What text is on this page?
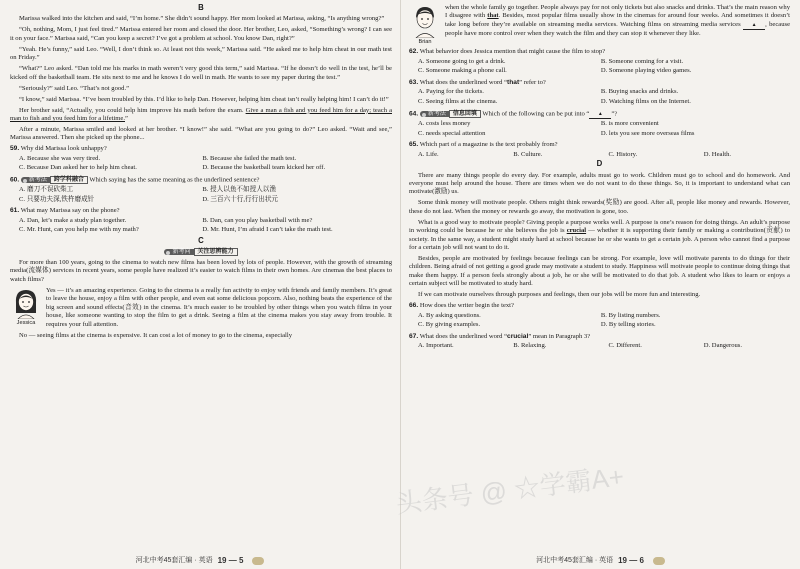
B

Marissa walked into the kitchen and said, “I’m home.” She didn’t sound happy. Her mom looked at Marissa, asking, “Is anything wrong?”

“Oh, nothing, Mom, I just feel tired.” Marissa entered her room and closed the door. Her brother, Leo, asked, “Something’s wrong? I can see it on your face.” Marissa said, “Can you keep a secret? I’ve got a problem at school. You know Dan, right?”

“Yeah. He’s funny,” said Leo. “Well, I don’t think so. At least not this week,” Marissa said. “He asked me to help him cheat in our math test on Friday.”

“What?” Leo asked. “Dan told me his marks in math weren’t very good this term,” said Marissa. “If he doesn’t do well in the test, he’ll be kicked off the basketball team. He sits next to me and he knows I do well in math. He wants to see my paper during the test.”

“Seriously?” said Leo. “That’s not good.”

“I know,” said Marissa. “I’ve been troubled by this. I’d like to help Dan. However, helping him cheat isn’t really helping him! I can’t do it!”

Her brother said, “Actually, you could help him improve his math before the exam. Give a man a fish and you feed him for a day; teach a man to fish and you feed him for a lifetime.”

After a minute, Marissa smiled and looked at her brother. “I know!” she said. “What are you going to do?” Leo asked. “Wait and see,” Marissa answered. Then she picked up the phone...

59. Why did Marissa look unhappy?
A. Because she was very tired.	B. Because she failed the math test.
C. Because Dan asked her to help him cheat.	D. Because the basketball team kicked her off.
60. 新考法 跨学科融合 Which saying has the same meaning as the underlined sentence?
A. 磨刀不误砍柴工	B. 授人以鱼不如授人以渔
C. 只要功夫深,铁杵磨成针	D. 三百六十行,行行出状元
61. What may Marissa say on the phone?
A. Dan, let’s make a study plan together.	B. Dan, can you play basketball with me?
C. Mr. Hunt, can you help me with my math?	D. Mr. Hunt, I’m afraid I can’t take the math test.
C
新考向 关注思辨能力

For more than 100 years, going to the cinema to watch new films has been loved by lots of people. However, with the growth of streaming media(流媒体) services in recent years, some people have realized it’s easier to watch films in their own homes. Are cinemas the best places to watch films?

Jessica

Yes — it’s an amazing experience. Going to the cinema is a really fun activity to enjoy with friends and family members. It’s great to leave the house, enjoy a film with other people, and even eat some delicious popcorn. Also, nothing beats the experience of the big screen and sound effects(音效) in the cinema. It’s much easier to be troubled by other things when you watch films in your house, like someone wanting to stop the film to get a drink. Seeing a film at the cinema makes you stay away from trouble. It requires your full attention.

No — seeing films at the cinema is expensive. It can cost a lot of money to go to the cinema, especially

河北中考45套汇编 · 英语 19 — 5
Brian

when the whole family go together. People always pay for not only tickets but also snacks and drinks. That’s the main reason why I disagree with that. Besides, most popular films usually show in the cinemas for around four weeks. And sometimes it doesn’t take long before they’re available on streaming media services. Watching films on streaming media services ▲ , because people have more control over when they watch the film and they can stop it whenever they like.

62. What behavior does Jessica mention that might cause the film to stop?
A. Someone going to get a drink.	B. Someone coming for a visit.
C. Someone making a phone call.	D. Someone playing video games.
63. What does the underlined word “that” refer to?
A. Paying for the tickets.	B. Buying snacks and drinks.
C. Seeing films at the cinema.	D. Watching films on the Internet.
64. 新考法 信息回填 Which of the following can be put into “ ▲ ”?
A. costs less money	B. is more convenient
C. needs special attention	D. lets you see more overseas films
65. Which part of a magazine is the text probably from?
A. Life.	B. Culture.	C. History.	D. Health.
D

There are many things people do every day. For example, adults must go to work. Children must go to school and do homework. And everyone must help around the house. There are times when we do not want to do these things. So, it is important to understand what can motivate(激励) us.

Some think money will motivate people. Others might think rewards(奖励) are good. After all, people like money and rewards. However, these do not last. When the money or rewards go away, the motivation is gone, too.

What is a good way to motivate people? Giving people a purpose works well. A purpose is one’s reason for doing things. An adult’s purpose in working could be because he or she believes the job is crucial — whether it is supporting their family or making a contribution(贡献) to society. In the same way, a student might study hard at school because he or she wants to get a certain job. A person who cannot find a purpose for a certain job will not want to do it.

Besides, people are motivated by feelings because feelings can be strong. For example, love will motivate parents to do things for their children. Being afraid of not getting a good grade may motivate a student to study. Happiness will motivate people to continue doing things that make them happy. If a person feels strongly about a job, he or she will be motivated to do that job. A student who likes to learn or enjoys a certain subject will be motivated to study hard.

If we can motivate ourselves through purposes and feelings, then our jobs will be more fun and interesting.

66. How does the writer begin the text?
A. By asking questions.	B. By listing numbers.
C. By giving examples.	D. By telling stories.
67. What does the underlined word “crucial” mean in Paragraph 3?
A. Important.	B. Relaxing.	C. Different.	D. Dangerous.
河北中考45套汇编 · 英语 19 — 6
头条号 @ ☆学霸A+
